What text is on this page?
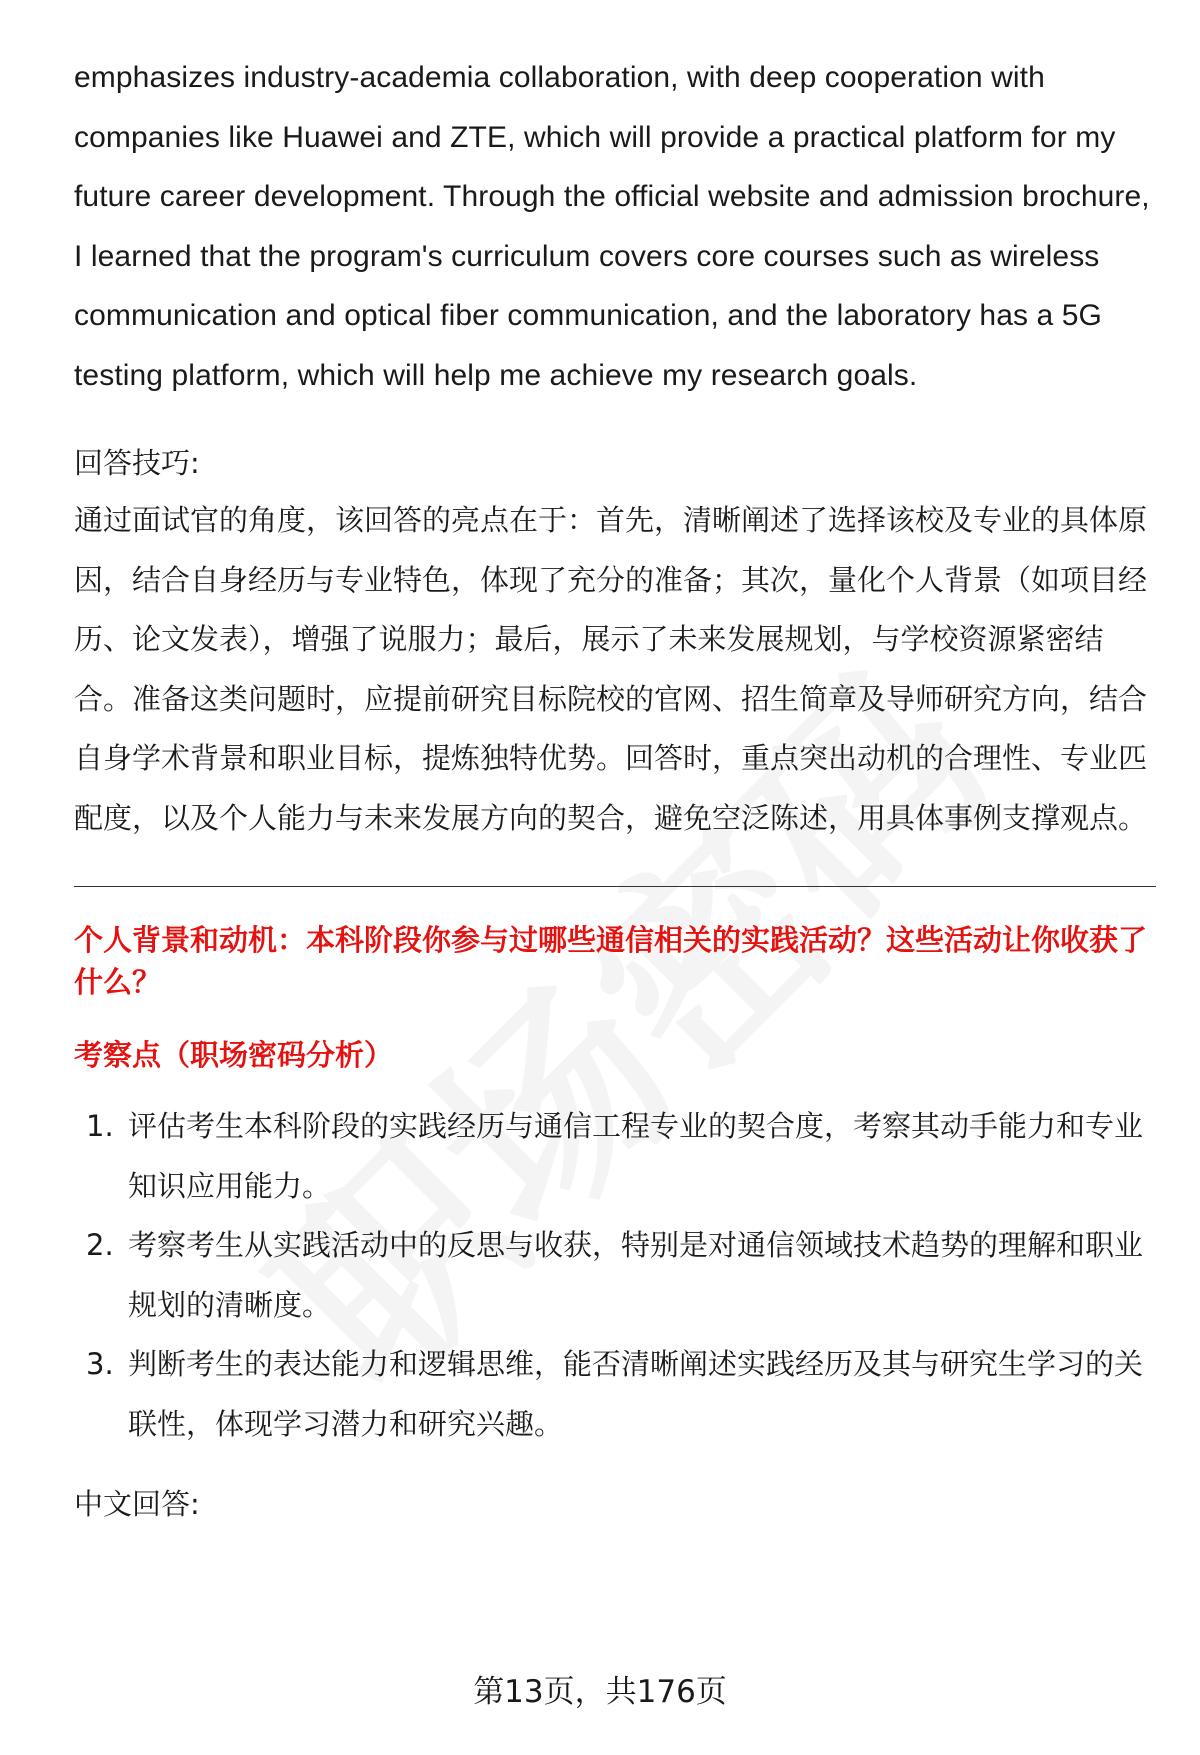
emphasizes industry-academia collaboration, with deep cooperation with companies like Huawei and ZTE, which will provide a practical platform for my future career development. Through the official website and admission brochure, I learned that the program's curriculum covers core courses such as wireless communication and optical fiber communication, and the laboratory has a 5G testing platform, which will help me achieve my research goals.

回答技巧:

通过面试官的角度，该回答的亮点在于：首先，清晰阐述了选择该校及专业的具体原因，结合自身经历与专业特色，体现了充分的准备；其次，量化个人背景（如项目经历、论文发表），增强了说服力；最后，展示了未来发展规划，与学校资源紧密结合。准备这类问题时，应提前研究目标院校的官网、招生简章及导师研究方向，结合自身学术背景和职业目标，提炼独特优势。回答时，重点突出动机的合理性、专业匹配度，以及个人能力与未来发展方向的契合，避免空泛陈述，用具体事例支撑观点。

个人背景和动机：本科阶段你参与过哪些通信相关的实践活动？这些活动让你收获了什么？

考察点（职场密码分析）
1. 评估考生本科阶段的实践经历与通信工程专业的契合度，考察其动手能力和专业知识应用能力。
2. 考察考生从实践活动中的反思与收获，特别是对通信领域技术趋势的理解和职业规划的清晰度。
3. 判断考生的表达能力和逻辑思维，能否清晰阐述实践经历及其与研究生学习的关联性，体现学习潜力和研究兴趣。
中文回答:
第13页，共176页
